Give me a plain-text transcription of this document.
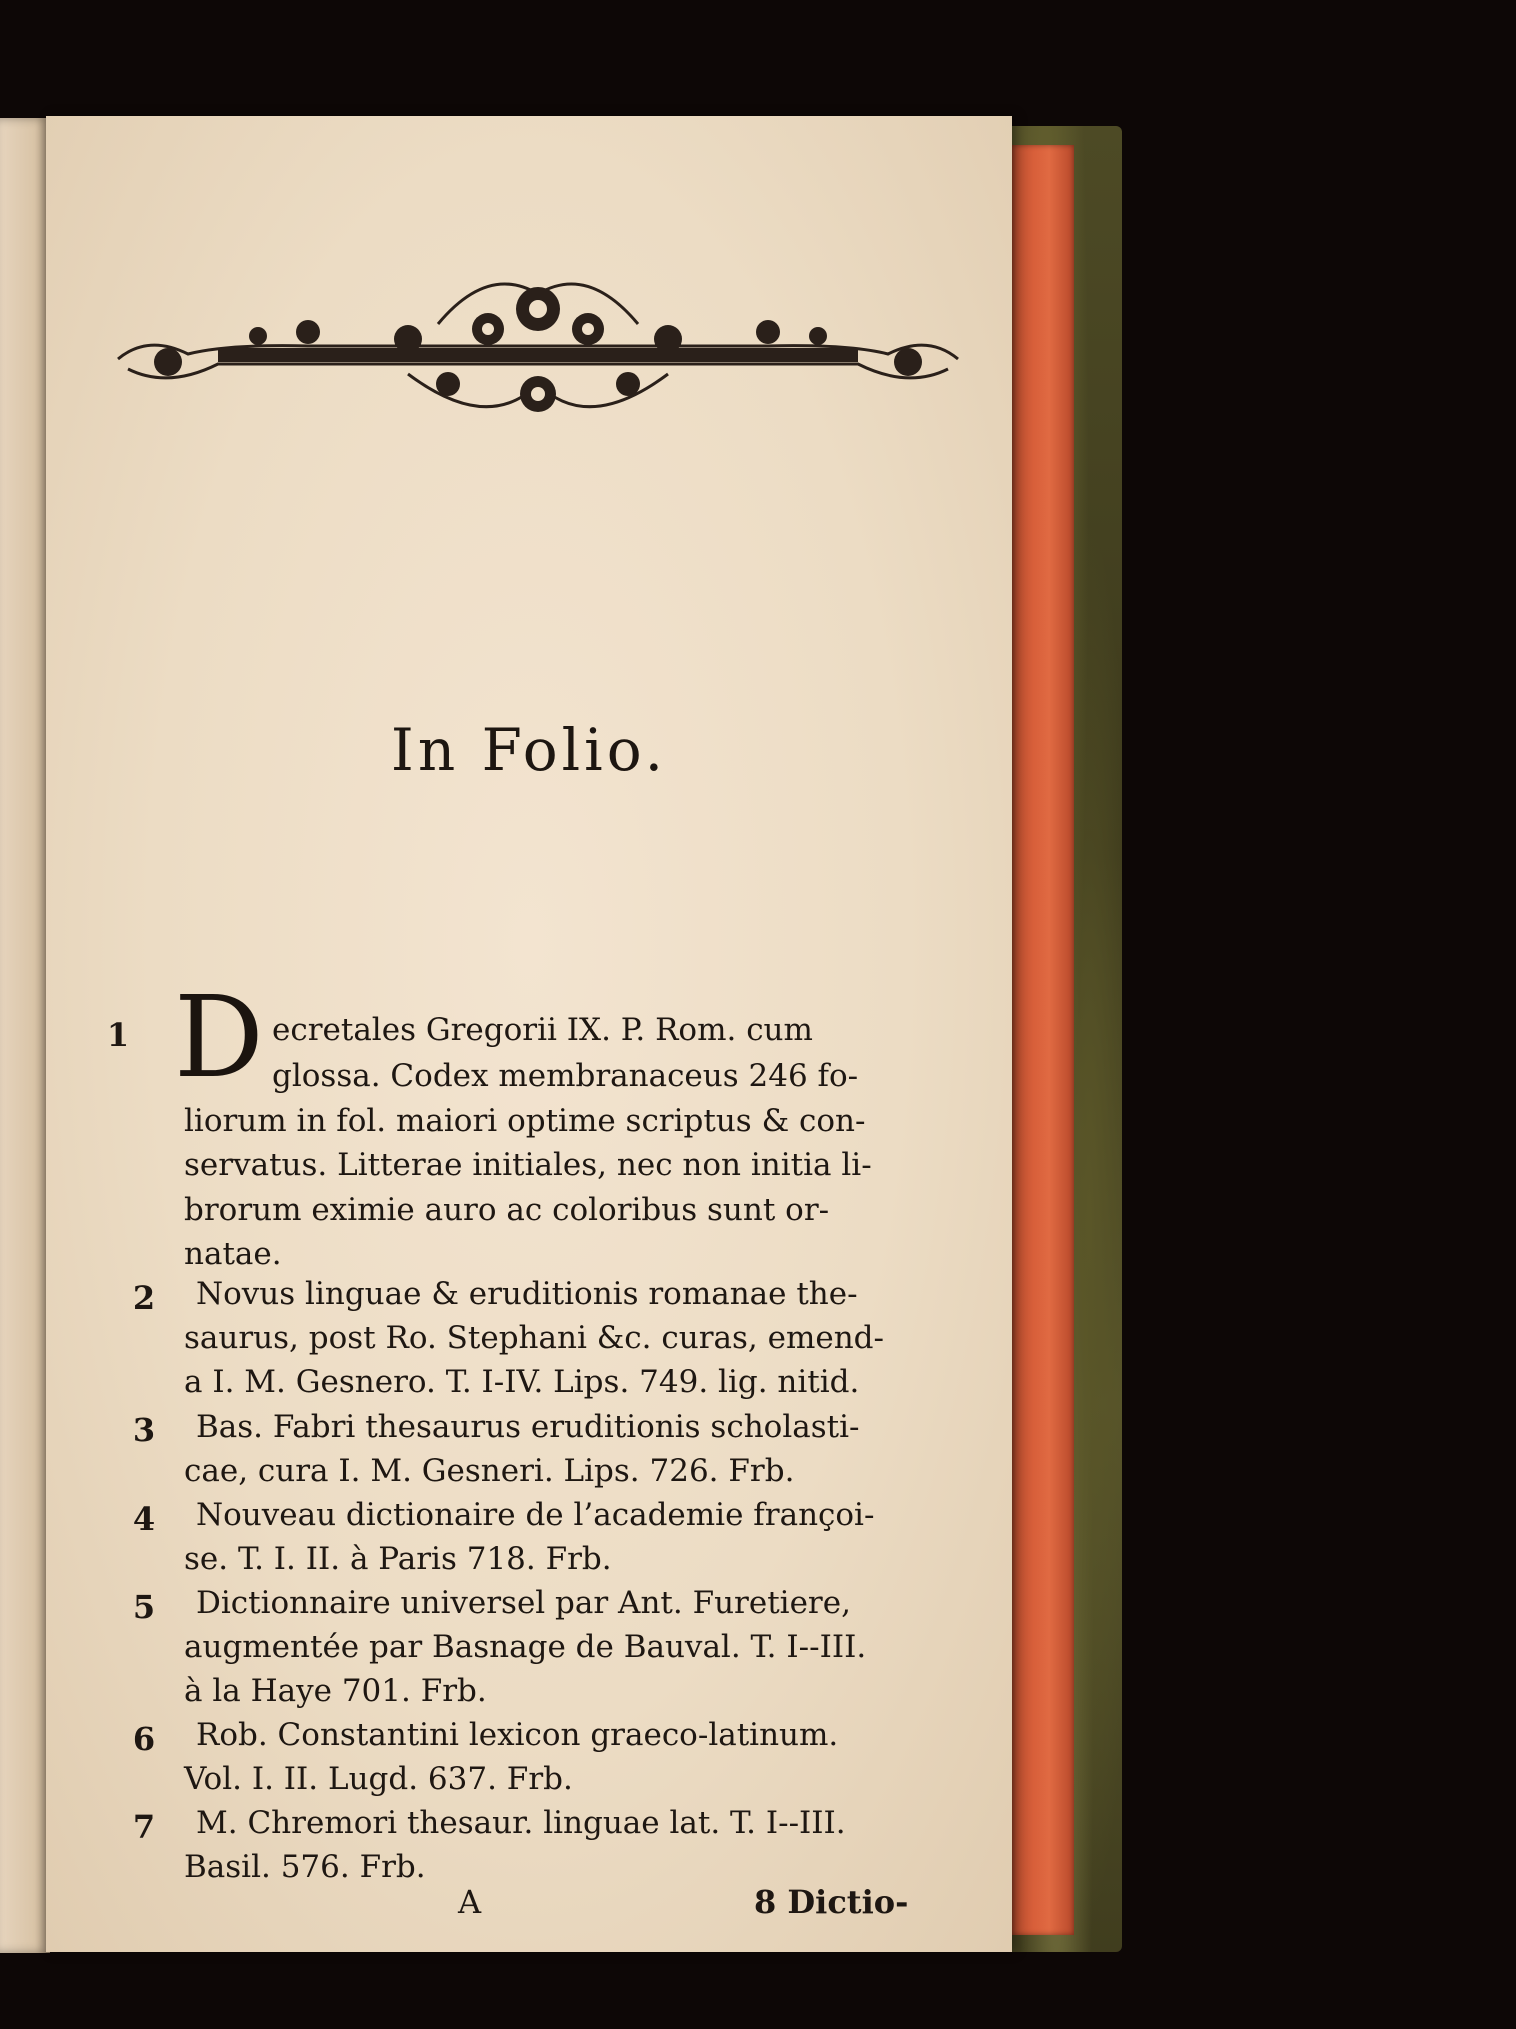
In Folio.
D
1	ecretales Gregorii IX. P. Rom. cum
glossa. Codex membranaceus 246 fo-
liorum in fol. maiori optime scriptus & con-
servatus. Litterae initiales, nec non initia li-
brorum eximie auro ac coloribus sunt or-
natae.
2 Novus linguae & eruditionis romanae the-
saurus, post Ro. Stephani &c. curas, emend-
a I. M. Gesnero. T. I-IV. Lips. 749. lig. nitid.
3 Bas. Fabri thesaurus eruditionis scholasti-
cae, cura I. M. Gesneri. Lips. 726. Frb.
4 Nouveau dictionaire de l’academie françoi-
se. T. I. II. à Paris 718. Frb.
5 Dictionnaire universel par Ant. Furetiere,
augmentée par Basnage de Bauval. T. I--III.
à la Haye 701. Frb.
6 Rob. Constantini lexicon graeco-latinum.
Vol. I. II. Lugd. 637. Frb.
7 M. Chremori thesaur. linguae lat. T. I--III.
Basil. 576. Frb.
A	8 Dictio-
